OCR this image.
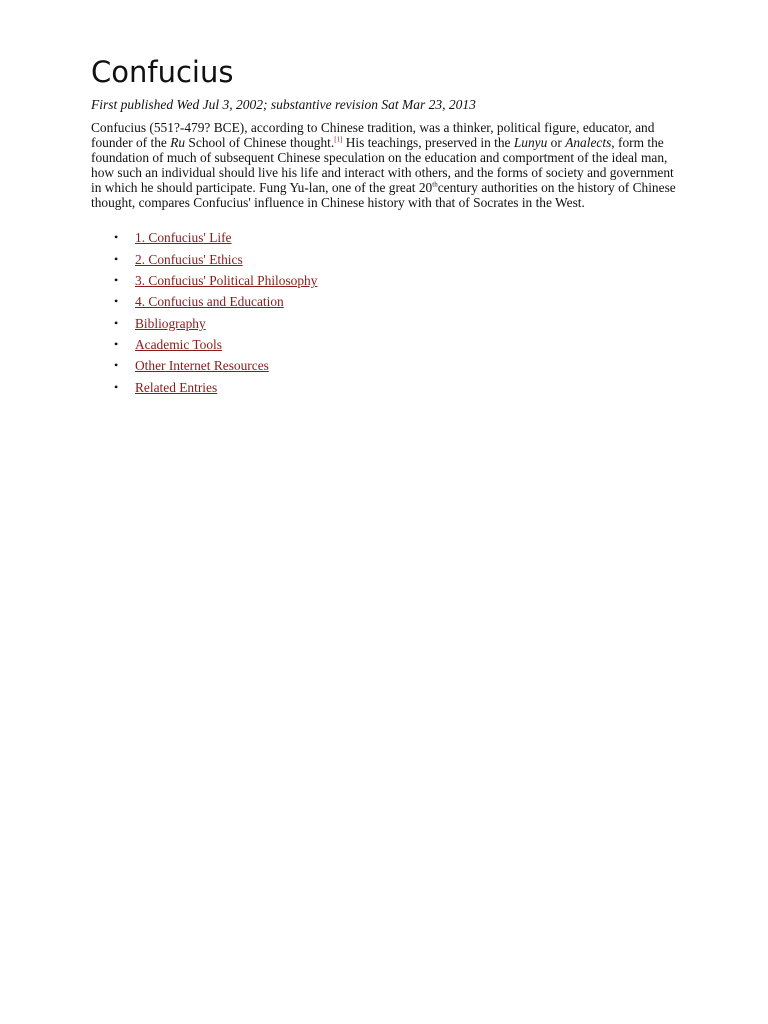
Confucius
First published Wed Jul 3, 2002; substantive revision Sat Mar 23, 2013

Confucius (551?-479? BCE), according to Chinese tradition, was a thinker, political figure, educator, and founder of the Ru School of Chinese thought.[1] His teachings, preserved in the Lunyu or Analects, form the foundation of much of subsequent Chinese speculation on the education and comportment of the ideal man, how such an individual should live his life and interact with others, and the forms of society and government in which he should participate. Fung Yu-lan, one of the great 20thcentury authorities on the history of Chinese thought, compares Confucius' influence in Chinese history with that of Socrates in the West.

• 1. Confucius' Life
• 2. Confucius' Ethics
• 3. Confucius' Political Philosophy
• 4. Confucius and Education
• Bibliography
• Academic Tools
• Other Internet Resources
• Related Entries
